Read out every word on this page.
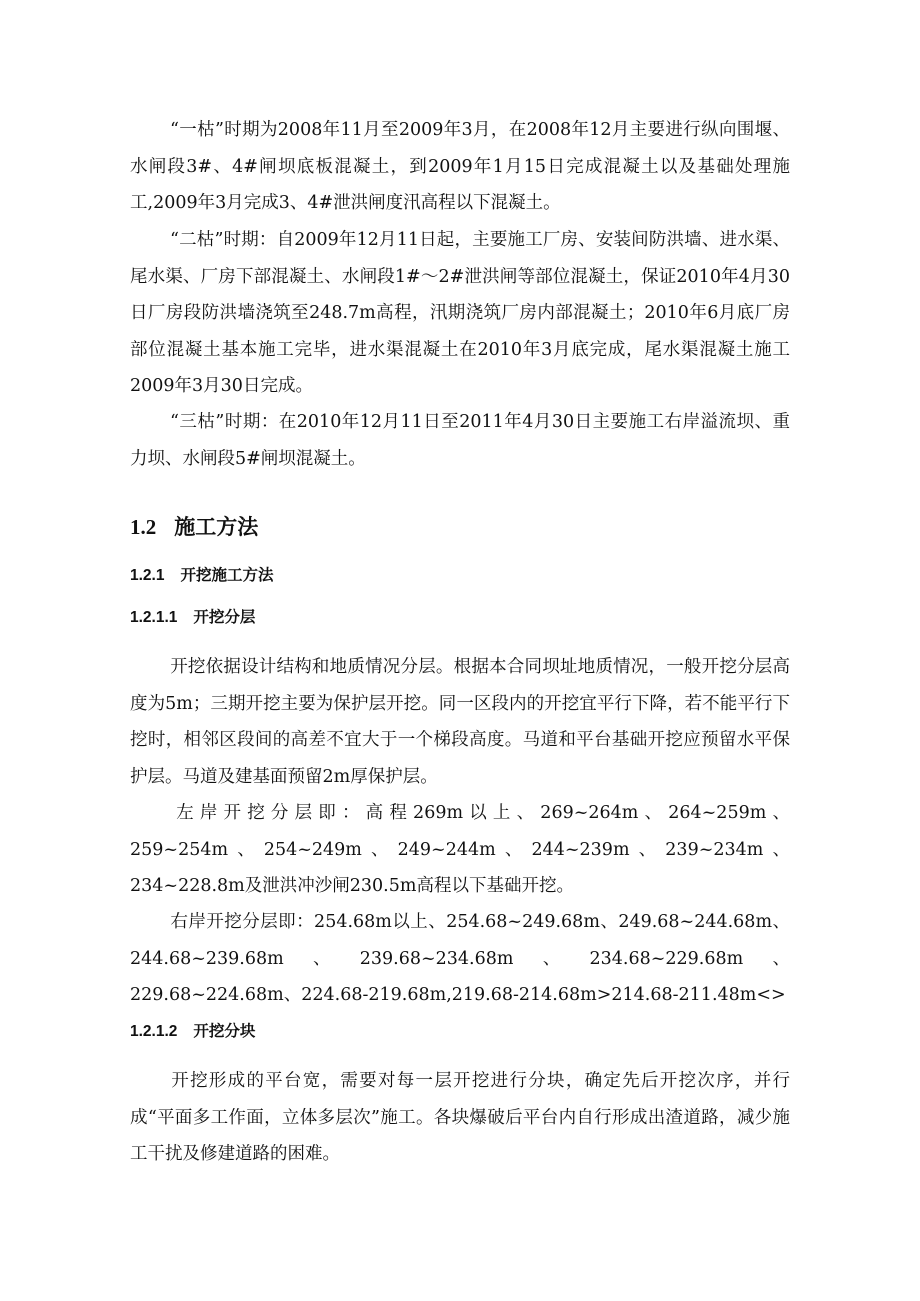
“一枯”时期为2008年11月至2009年3月，在2008年12月主要进行纵向围堰、水闸段3#、4#闸坝底板混凝土，到2009年1月15日完成混凝土以及基础处理施工,2009年3月完成3、4#泄洪闸度汛高程以下混凝土。

“二枯”时期：自2009年12月11日起，主要施工厂房、安装间防洪墙、进水渠、尾水渠、厂房下部混凝土、水闸段1#～2#泄洪闸等部位混凝土，保证2010年4月30日厂房段防洪墙浇筑至248.7m高程，汛期浇筑厂房内部混凝土；2010年6月底厂房部位混凝土基本施工完毕，进水渠混凝土在2010年3月底完成，尾水渠混凝土施工2009年3月30日完成。

“三枯”时期：在2010年12月11日至2011年4月30日主要施工右岸溢流坝、重力坝、水闸段5#闸坝混凝土。

1.2 施工方法
1.2.1 开挖施工方法
1.2.1.1 开挖分层

开挖依据设计结构和地质情况分层。根据本合同坝址地质情况，一般开挖分层高度为5m；三期开挖主要为保护层开挖。同一区段内的开挖宜平行下降，若不能平行下挖时，相邻区段间的高差不宜大于一个梯段高度。马道和平台基础开挖应预留水平保护层。马道及建基面预留2m厚保护层。

左岸开挖分层即：高程269m以上、269~264m、264~259m、259~254m、254~249m、249~244m、244~239m、239~234m、234~228.8m及泄洪冲沙闸230.5m高程以下基础开挖。

右岸开挖分层即：254.68m以上、254.68~249.68m、249.68~244.68m、244.68~239.68m、239.68~234.68m、234.68~229.68m、229.68~224.68m、224.68-219.68m,219.68-214.68m>214.68-211.48m<>

1.2.1.2 开挖分块

开挖形成的平台宽，需要对每一层开挖进行分块，确定先后开挖次序，并行成“平面多工作面，立体多层次”施工。各块爆破后平台内自行形成出渣道路，减少施工干扰及修建道路的困难。
